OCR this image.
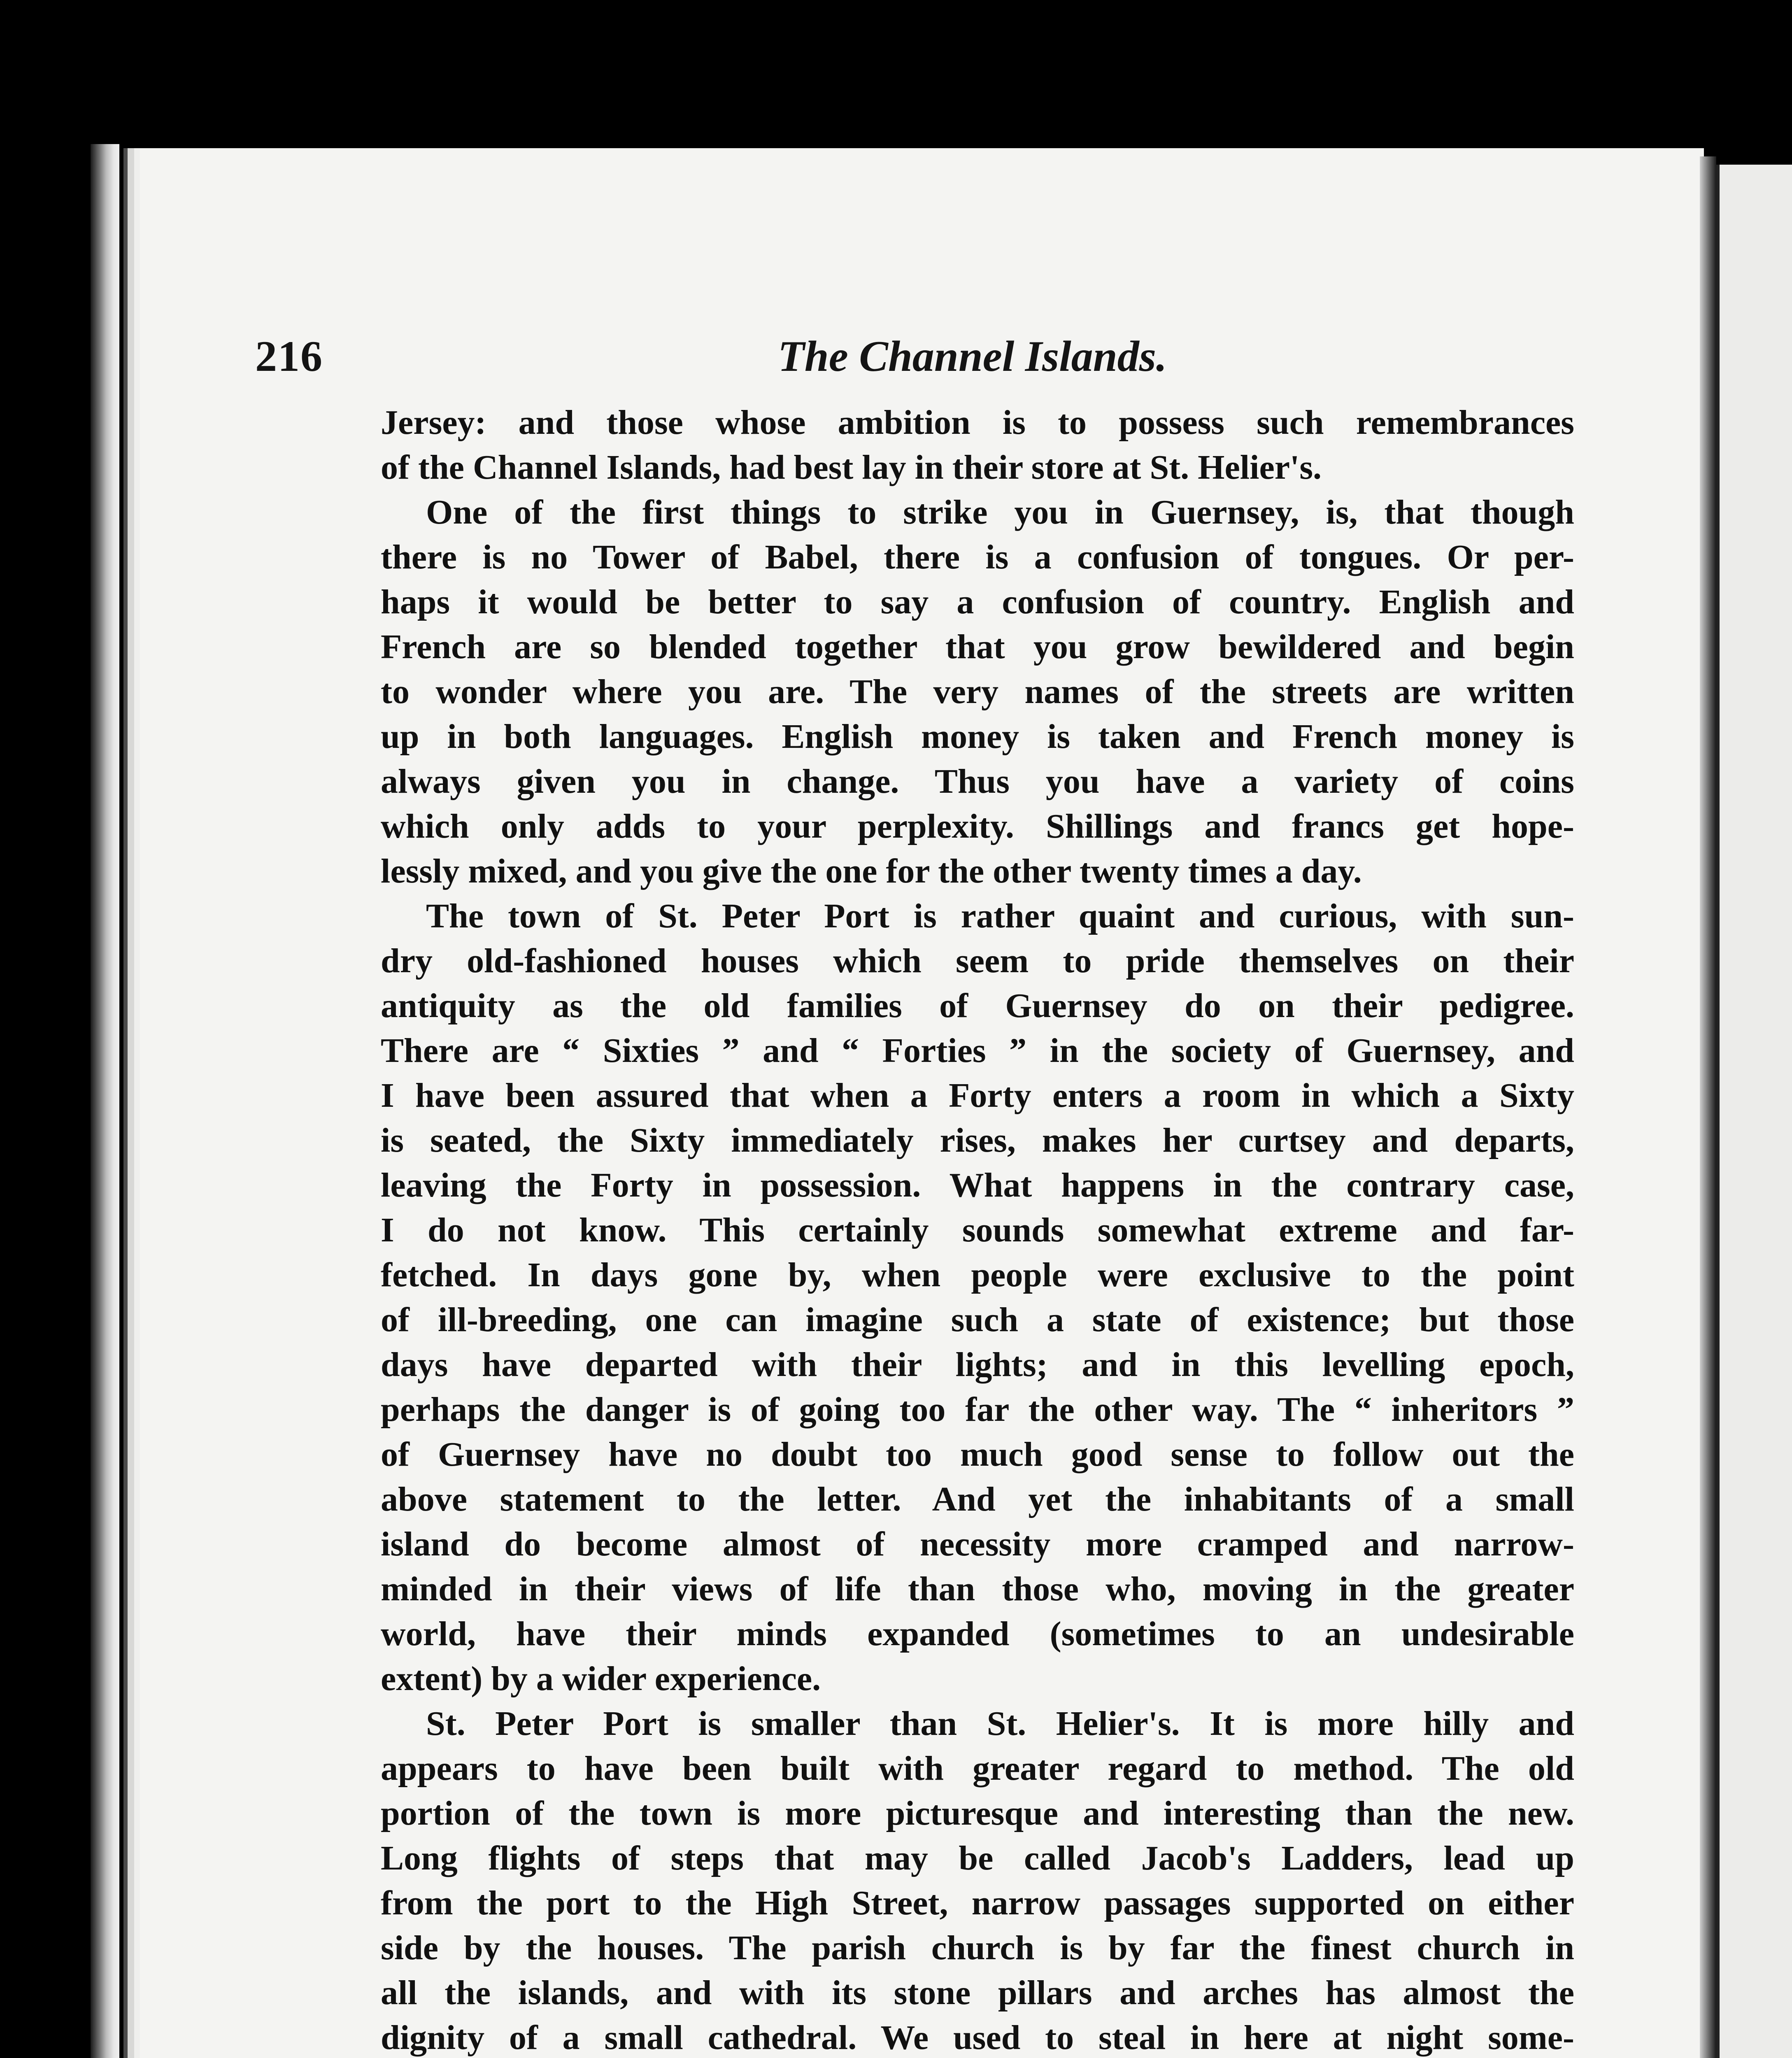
216	The Channel Islands.
Jersey: and those whose ambition is to possess such remembrances
of the Channel Islands, had best lay in their store at St. Helier's.
One of the first things to strike you in Guernsey, is, that though
there is no Tower of Babel, there is a confusion of tongues. Or per-
haps it would be better to say a confusion of country. English and
French are so blended together that you grow bewildered and begin
to wonder where you are. The very names of the streets are written
up in both languages. English money is taken and French money is
always given you in change. Thus you have a variety of coins
which only adds to your perplexity. Shillings and francs get hope-
lessly mixed, and you give the one for the other twenty times a day.
The town of St. Peter Port is rather quaint and curious, with sun-
dry old-fashioned houses which seem to pride themselves on their
antiquity as the old families of Guernsey do on their pedigree.
There are “ Sixties ” and “ Forties ” in the society of Guernsey, and
I have been assured that when a Forty enters a room in which a Sixty
is seated, the Sixty immediately rises, makes her curtsey and departs,
leaving the Forty in possession. What happens in the contrary case,
I do not know. This certainly sounds somewhat extreme and far-
fetched. In days gone by, when people were exclusive to the point
of ill-breeding, one can imagine such a state of existence; but those
days have departed with their lights; and in this levelling epoch,
perhaps the danger is of going too far the other way. The “ inheritors ”
of Guernsey have no doubt too much good sense to follow out the
above statement to the letter. And yet the inhabitants of a small
island do become almost of necessity more cramped and narrow-
minded in their views of life than those who, moving in the greater
world, have their minds expanded (sometimes to an undesirable
extent) by a wider experience.
St. Peter Port is smaller than St. Helier's. It is more hilly and
appears to have been built with greater regard to method. The old
portion of the town is more picturesque and interesting than the new.
Long flights of steps that may be called Jacob's Ladders, lead up
from the port to the High Street, narrow passages supported on either
side by the houses. The parish church is by far the finest church in
all the islands, and with its stone pillars and arches has almost the
dignity of a small cathedral. We used to steal in here at night some-
